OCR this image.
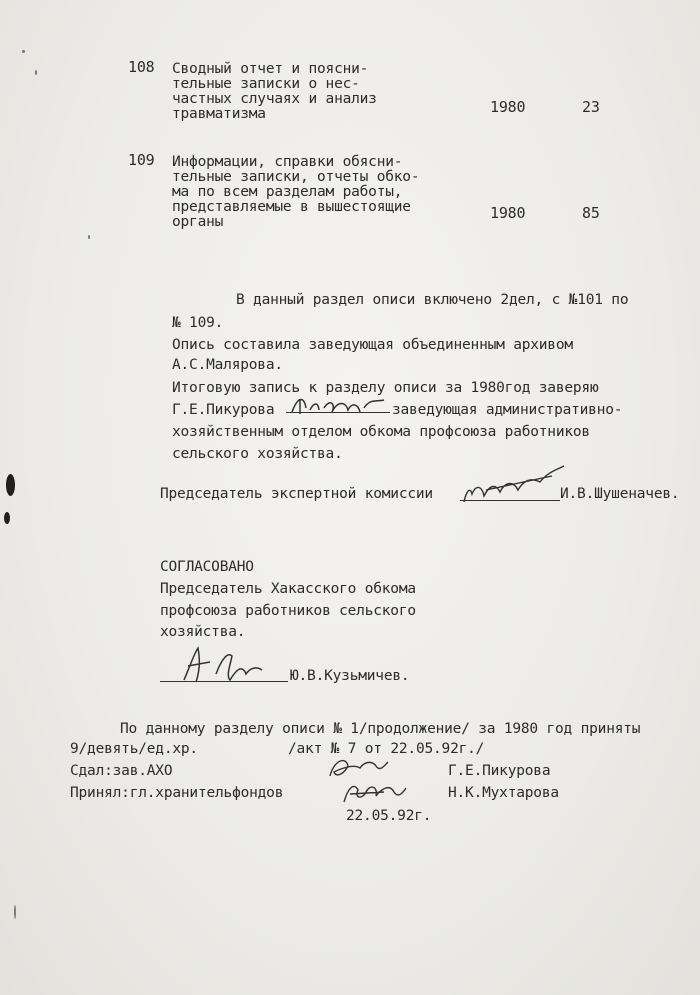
108 Сводный отчет и поясни-
тельные записки о нес-
частных случаях и анализ
травматизма	1980	23
109 Информации, справки обясни-
тельные записки, отчеты обко-
ма по всем разделам работы,
представляемые в вышестоящие
органы	1980	85
В данный раздел описи включено 2дел, с №101 по
№ 109.
Опись составила заведующая объединенным архивом
А.С.Малярова.
Итоговую запись к разделу описи за 1980год заверяю
Г.Е.Пикурова	заведующая административно-
хозяйственным отделом обкома профсоюза работников
сельского хозяйства.
Председатель экспертной комиссии	И.В.Шушеначев.
СОГЛАСОВАНО
Председатель Хакасского обкома
профсоюза работников сельского
хозяйства.
Ю.В.Кузьмичев.
По данному разделу описи № 1/продолжение/ за 1980 год приняты
9/девять/ед.хр.	/акт № 7 от 22.05.92г./
Сдал:зав.АХО	Г.Е.Пикурова
Принял:гл.хранительфондов	Н.К.Мухтарова
22.05.92г.
